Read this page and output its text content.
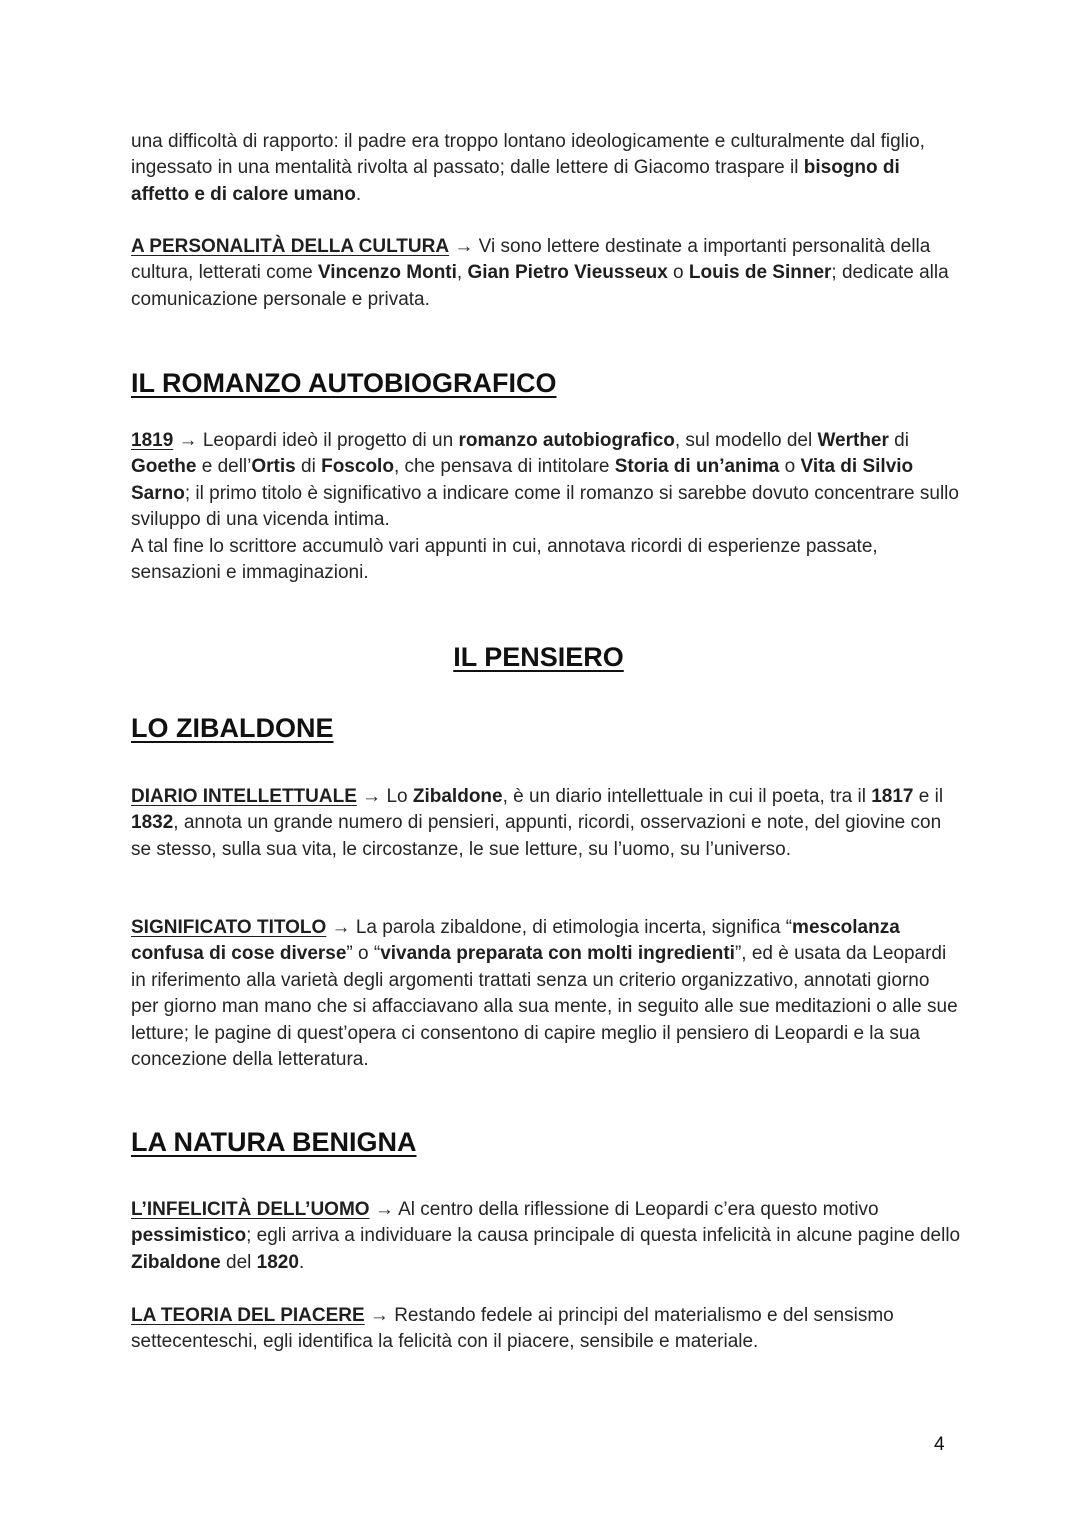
una difficoltà di rapporto: il padre era troppo lontano ideologicamente e culturalmente dal figlio, ingessato in una mentalità rivolta al passato; dalle lettere di Giacomo traspare il bisogno di affetto e di calore umano.

A PERSONALITÀ DELLA CULTURA → Vi sono lettere destinate a importanti personalità della cultura, letterati come Vincenzo Monti, Gian Pietro Vieusseux o Louis de Sinner; dedicate alla comunicazione personale e privata.

IL ROMANZO AUTOBIOGRAFICO

1819 → Leopardi ideò il progetto di un romanzo autobiografico, sul modello del Werther di Goethe e dell’Ortis di Foscolo, che pensava di intitolare Storia di un’anima o Vita di Silvio Sarno; il primo titolo è significativo a indicare come il romanzo si sarebbe dovuto concentrare sullo sviluppo di una vicenda intima.

A tal fine lo scrittore accumulò vari appunti in cui, annotava ricordi di esperienze passate, sensazioni e immaginazioni.

IL PENSIERO
LO ZIBALDONE

DIARIO INTELLETTUALE → Lo Zibaldone, è un diario intellettuale in cui il poeta, tra il 1817 e il 1832, annota un grande numero di pensieri, appunti, ricordi, osservazioni e note, del giovine con se stesso, sulla sua vita, le circostanze, le sue letture, su l’uomo, su l’universo.

SIGNIFICATO TITOLO → La parola zibaldone, di etimologia incerta, significa “mescolanza confusa di cose diverse” o “vivanda preparata con molti ingredienti”, ed è usata da Leopardi in riferimento alla varietà degli argomenti trattati senza un criterio organizzativo, annotati giorno per giorno man mano che si affacciavano alla sua mente, in seguito alle sue meditazioni o alle sue letture; le pagine di quest’opera ci consentono di capire meglio il pensiero di Leopardi e la sua concezione della letteratura.

LA NATURA BENIGNA

L’INFELICITÀ DELL’UOMO → Al centro della riflessione di Leopardi c’era questo motivo pessimistico; egli arriva a individuare la causa principale di questa infelicità in alcune pagine dello Zibaldone del 1820.

LA TEORIA DEL PIACERE → Restando fedele ai principi del materialismo e del sensismo settecenteschi, egli identifica la felicità con il piacere, sensibile e materiale.

4
